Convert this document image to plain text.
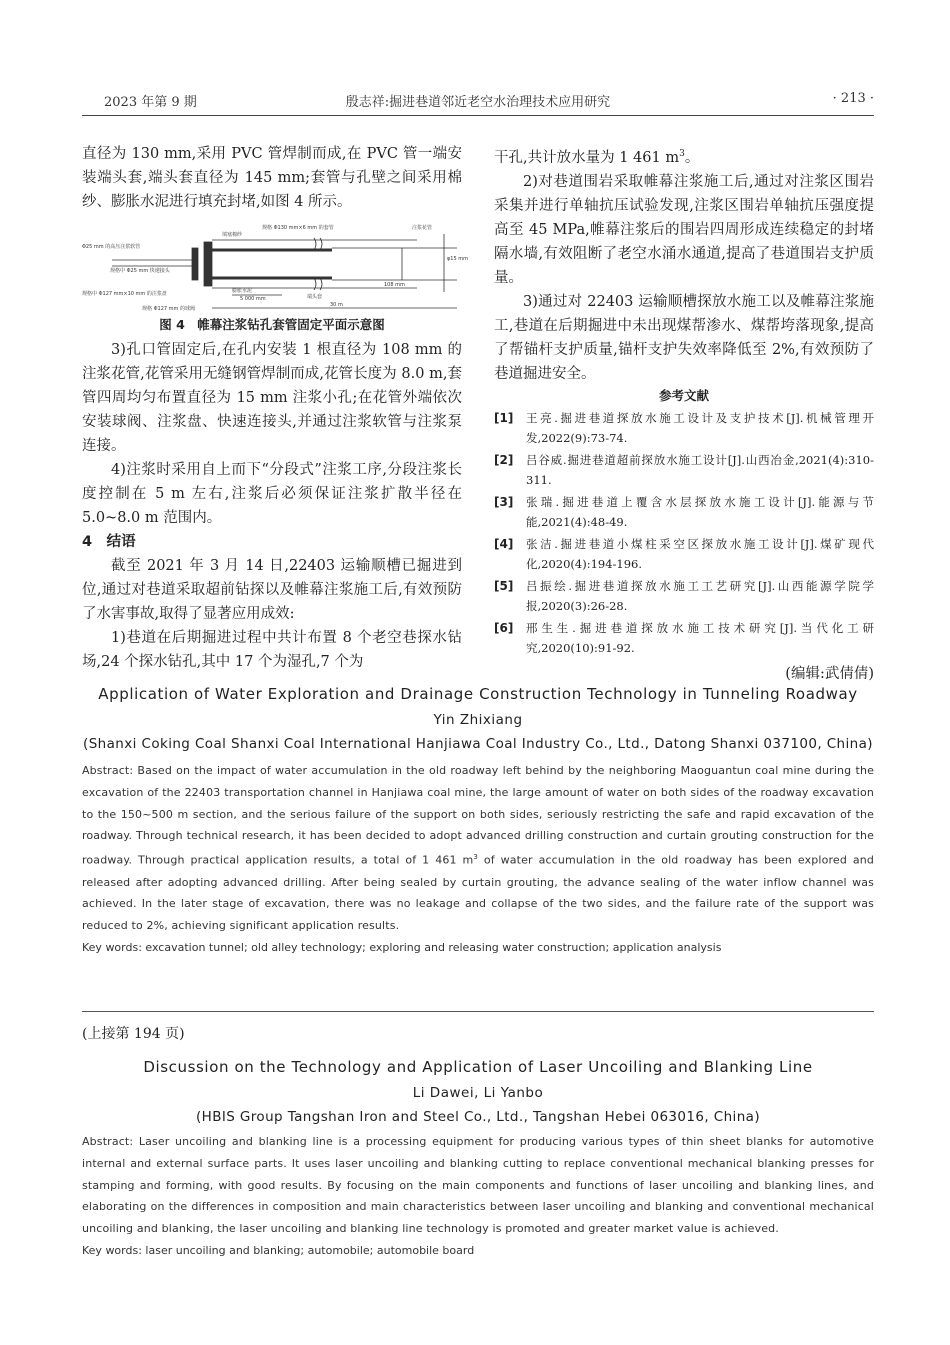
2023 年第 9 期	殷志祥:掘进巷道邻近老空水治理技术应用研究	· 213 ·

直径为 130 mm,采用 PVC 管焊制而成,在 PVC 管一端安装端头套,端头套直径为 145 mm;套管与孔壁之间采用棉纱、膨胀水泥进行填充封堵,如图 4 所示。

规格 Φ130 mm×6 mm 的套管	注浆花管
填塞棉纱
Φ25 mm 的高压注浆软管
规格中 Φ25 mm 快速接头
膨胀水泥
5 000 mm	端头套
规格中 Φ127 mm×10 mm 的注浆盘
规格 Φ127 mm 的球阀
30 m
108 mm
φ15 mm
图 4　帷幕注浆钻孔套管固定平面示意图

3)孔口管固定后,在孔内安装 1 根直径为 108 mm 的注浆花管,花管采用无缝钢管焊制而成,花管长度为 8.0 m,套管四周均匀布置直径为 15 mm 注浆小孔;在花管外端依次安装球阀、注浆盘、快速连接头,并通过注浆软管与注浆泵连接。

4)注浆时采用自上而下“分段式”注浆工序,分段注浆长度控制在 5 m 左右,注浆后必须保证注浆扩散半径在 5.0~8.0 m 范围内。

4　结语

截至 2021 年 3 月 14 日,22403 运输顺槽已掘进到位,通过对巷道采取超前钻探以及帷幕注浆施工后,有效预防了水害事故,取得了显著应用成效:

1)巷道在后期掘进过程中共计布置 8 个老空巷探水钻场,24 个探水钻孔,其中 17 个为湿孔,7 个为

干孔,共计放水量为 1 461 $m^3$。

2)对巷道围岩采取帷幕注浆施工后,通过对注浆区围岩采集并进行单轴抗压试验发现,注浆区围岩单轴抗压强度提高至 45 MPa,帷幕注浆后的围岩四周形成连续稳定的封堵隔水墙,有效阻断了老空水涌水通道,提高了巷道围岩支护质量。

3)通过对 22403 运输顺槽探放水施工以及帷幕注浆施工,巷道在后期掘进中未出现煤帮渗水、煤帮垮落现象,提高了帮锚杆支护质量,锚杆支护失效率降低至 2%,有效预防了巷道掘进安全。

参考文献
[1] 王亮.掘进巷道探放水施工设计及支护技术[J].机械管理开发,2022(9):73-74.
[2] 吕谷威.掘进巷道超前探放水施工设计[J].山西冶金,2021(4):310-311.
[3] 张瑞.掘进巷道上覆含水层探放水施工设计[J].能源与节能,2021(4):48-49.
[4] 张洁.掘进巷道小煤柱采空区探放水施工设计[J].煤矿现代化,2020(4):194-196.
[5] 吕振绘.掘进巷道探放水施工工艺研究[J].山西能源学院学报,2020(3):26-28.
[6] 邢生生.掘进巷道探放水施工技术研究[J].当代化工研究,2020(10):91-92.
(编辑:武倩倩)
Application of Water Exploration and Drainage Construction Technology in Tunneling Roadway
Yin Zhixiang
(Shanxi Coking Coal Shanxi Coal International Hanjiawa Coal Industry Co., Ltd., Datong Shanxi 037100, China)
Abstract: Based on the impact of water accumulation in the old roadway left behind by the neighboring Maoguantun coal mine during the excavation of the 22403 transportation channel in Hanjiawa coal mine, the large amount of water on both sides of the roadway excavation to the 150~500 m section, and the serious failure of the support on both sides, seriously restricting the safe and rapid excavation of the roadway. Through technical research, it has been decided to adopt advanced drilling construction and curtain grouting construction for the roadway. Through practical application results, a total of 1 461 $m^3$ of water accumulation in the old roadway has been explored and released after adopting advanced drilling. After being sealed by curtain grouting, the advance sealing of the water inflow channel was achieved. In the later stage of excavation, there was no leakage and collapse of the two sides, and the failure rate of the support was reduced to 2%, achieving significant application results.
Key words: excavation tunnel; old alley technology; exploring and releasing water construction; application analysis
(上接第 194 页)
Discussion on the Technology and Application of Laser Uncoiling and Blanking Line
Li Dawei, Li Yanbo
(HBIS Group Tangshan Iron and Steel Co., Ltd., Tangshan Hebei 063016, China)
Abstract: Laser uncoiling and blanking line is a processing equipment for producing various types of thin sheet blanks for automotive internal and external surface parts. It uses laser uncoiling and blanking cutting to replace conventional mechanical blanking presses for stamping and forming, with good results. By focusing on the main components and functions of laser uncoiling and blanking lines, and elaborating on the differences in composition and main characteristics between laser uncoiling and blanking and conventional mechanical uncoiling and blanking, the laser uncoiling and blanking line technology is promoted and greater market value is achieved.
Key words: laser uncoiling and blanking; automobile; automobile board
